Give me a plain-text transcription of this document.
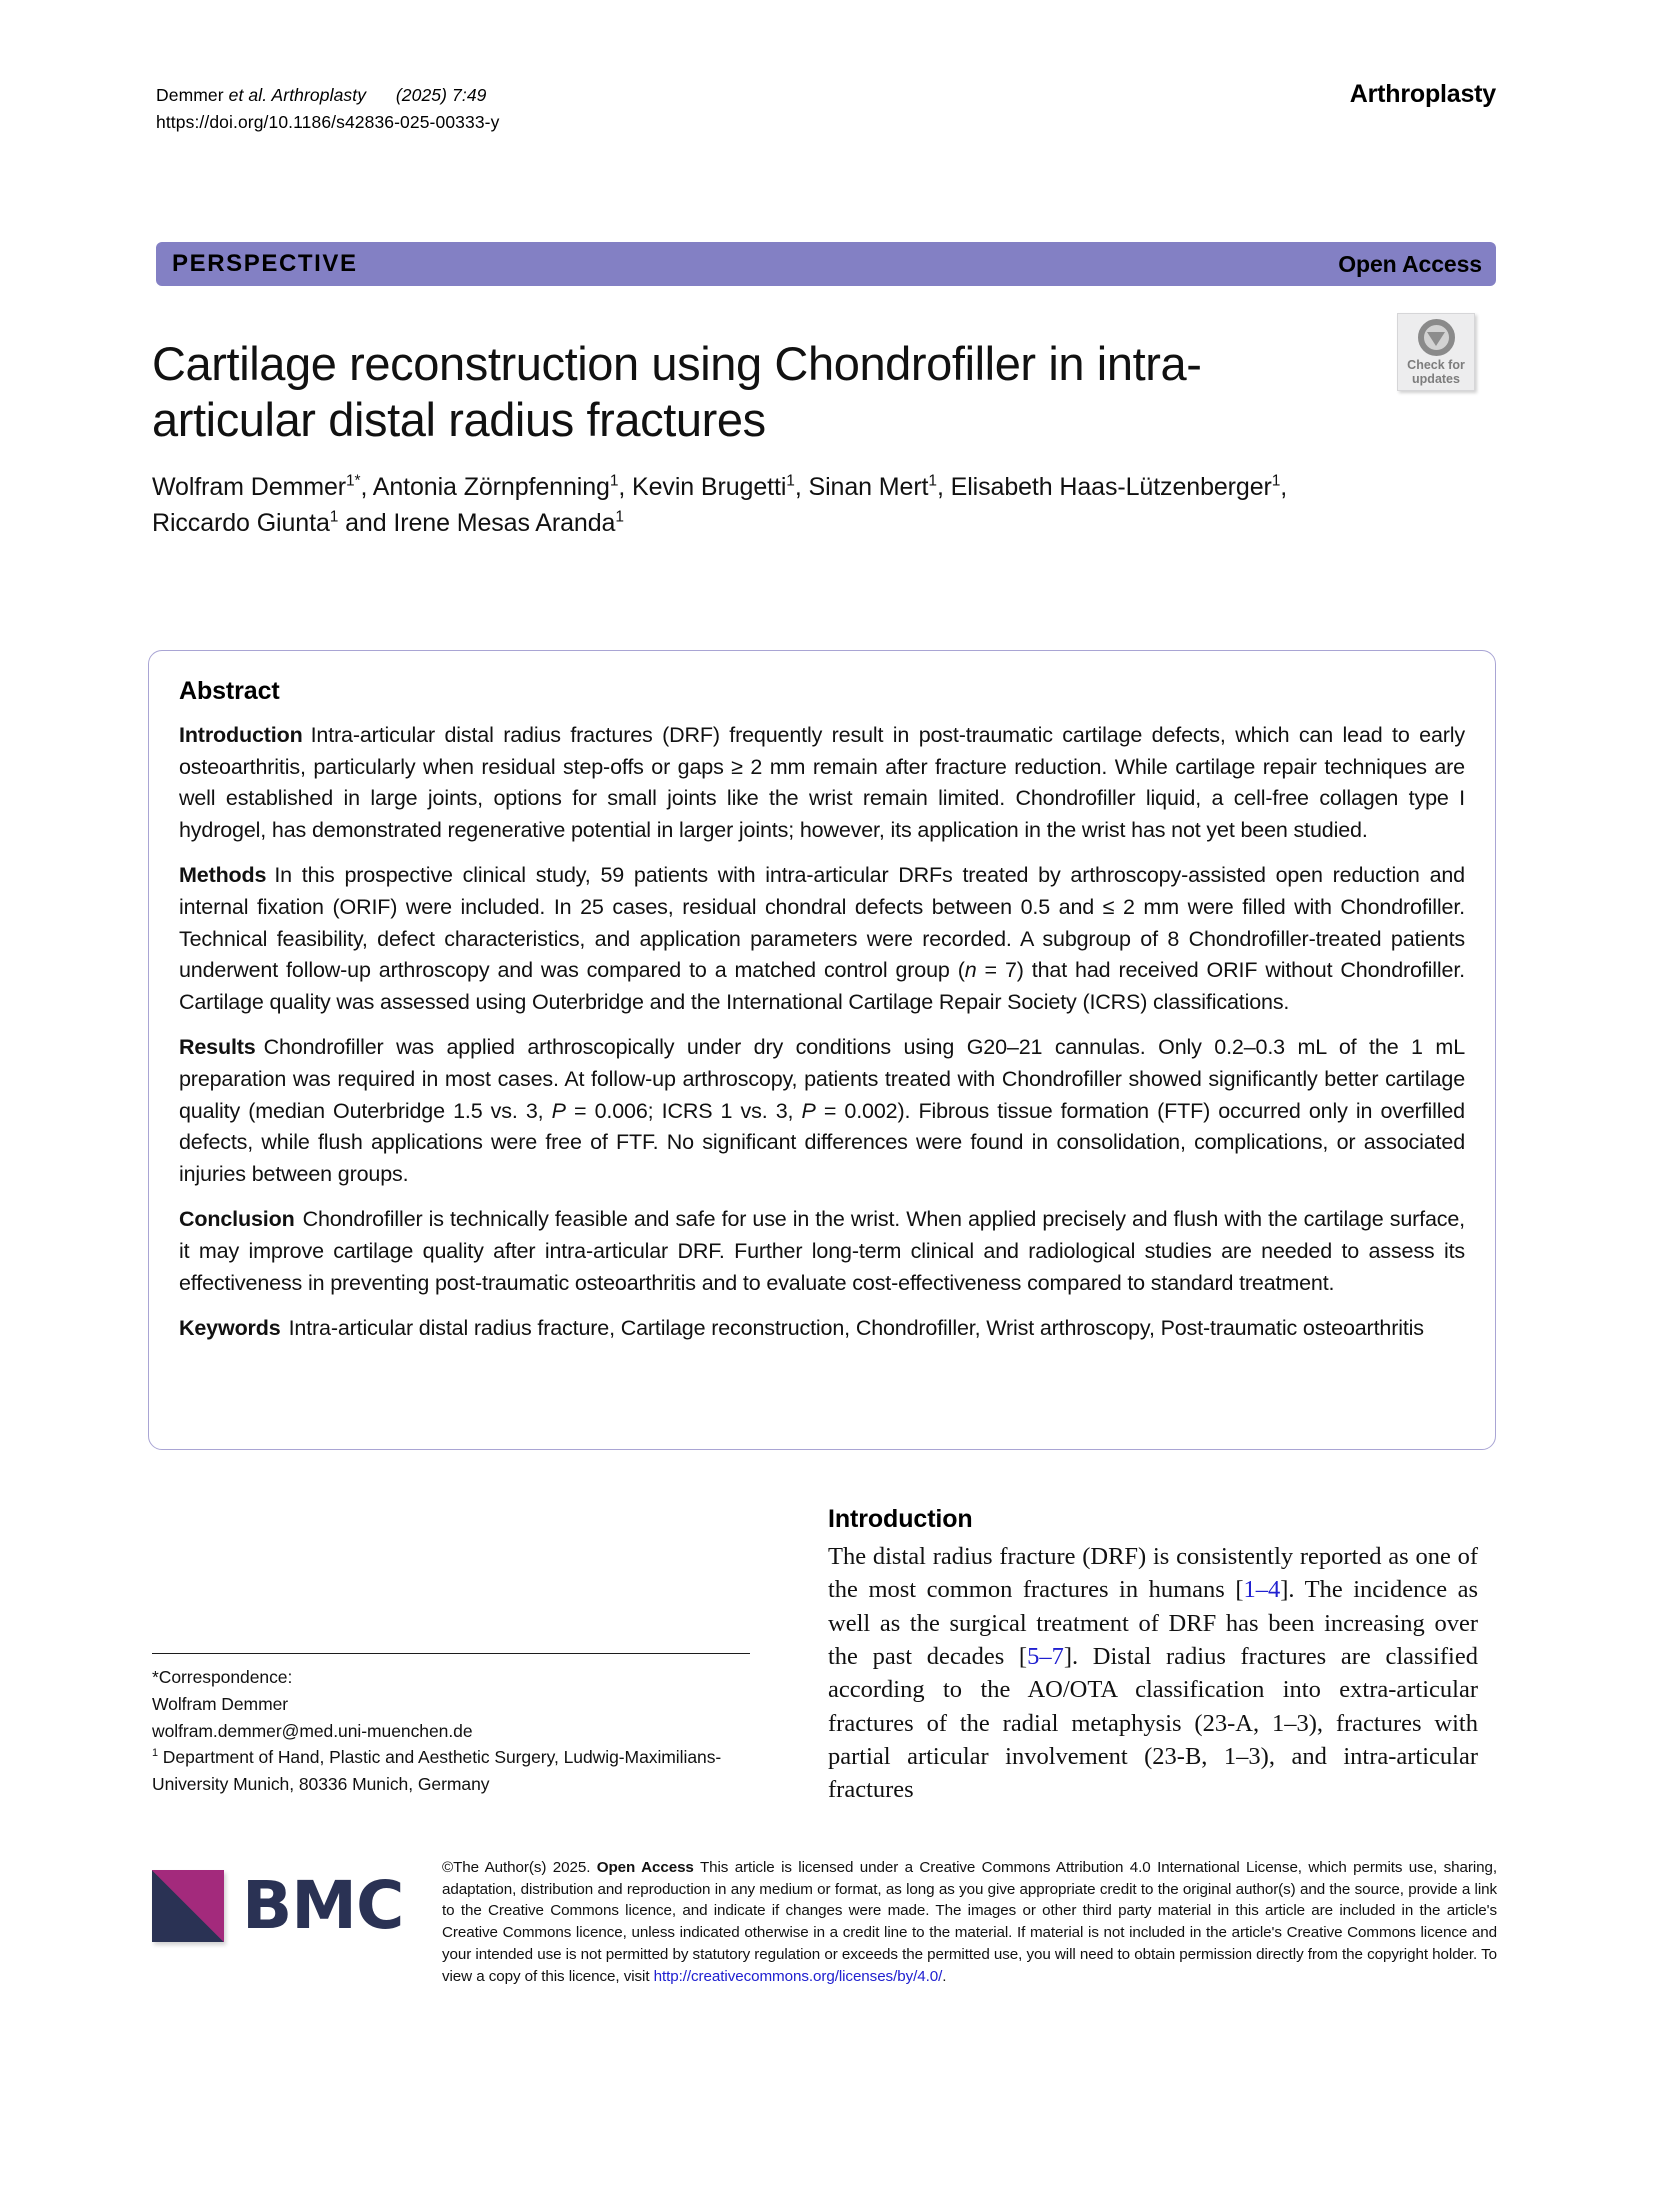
Demmer et al. Arthroplasty (2025) 7:49
https://doi.org/10.1186/s42836-025-00333-y
Arthroplasty
PERSPECTIVE	Open Access
Cartilage reconstruction using Chondrofiller in intra-articular distal radius fractures
Check for
updates
Wolfram Demmer$^{1*}$, Antonia Zörnpfenning$^1$, Kevin Brugetti$^1$, Sinan Mert$^1$, Elisabeth Haas-Lützenberger$^1$,
Riccardo Giunta$^1$ and Irene Mesas Aranda$^1$
Abstract

Introduction Intra-articular distal radius fractures (DRF) frequently result in post-traumatic cartilage defects, which can lead to early osteoarthritis, particularly when residual step-offs or gaps ≥ 2 mm remain after fracture reduction. While cartilage repair techniques are well established in large joints, options for small joints like the wrist remain limited. Chondrofiller liquid, a cell-free collagen type I hydrogel, has demonstrated regenerative potential in larger joints; however, its application in the wrist has not yet been studied.

Methods In this prospective clinical study, 59 patients with intra-articular DRFs treated by arthroscopy-assisted open reduction and internal fixation (ORIF) were included. In 25 cases, residual chondral defects between 0.5 and ≤ 2 mm were filled with Chondrofiller. Technical feasibility, defect characteristics, and application parameters were recorded. A subgroup of 8 Chondrofiller-treated patients underwent follow-up arthroscopy and was compared to a matched control group (n = 7) that had received ORIF without Chondrofiller. Cartilage quality was assessed using Outerbridge and the International Cartilage Repair Society (ICRS) classifications.

Results Chondrofiller was applied arthroscopically under dry conditions using G20–21 cannulas. Only 0.2–0.3 mL of the 1 mL preparation was required in most cases. At follow-up arthroscopy, patients treated with Chondrofiller showed significantly better cartilage quality (median Outerbridge 1.5 vs. 3, P = 0.006; ICRS 1 vs. 3, P = 0.002). Fibrous tissue formation (FTF) occurred only in overfilled defects, while flush applications were free of FTF. No significant differences were found in consolidation, complications, or associated injuries between groups.

Conclusion Chondrofiller is technically feasible and safe for use in the wrist. When applied precisely and flush with the cartilage surface, it may improve cartilage quality after intra-articular DRF. Further long-term clinical and radiological studies are needed to assess its effectiveness in preventing post-traumatic osteoarthritis and to evaluate cost-effectiveness compared to standard treatment.

Keywords Intra-articular distal radius fracture, Cartilage reconstruction, Chondrofiller, Wrist arthroscopy, Post-traumatic osteoarthritis

*Correspondence:
Wolfram Demmer
wolfram.demmer@med.uni-muenchen.de
$^1$ Department of Hand, Plastic and Aesthetic Surgery, Ludwig-Maximilians-University Munich, 80336 Munich, Germany
Introduction

The distal radius fracture (DRF) is consistently reported as one of the most common fractures in humans [1–4]. The incidence as well as the surgical treatment of DRF has been increasing over the past decades [5–7]. Distal radius fractures are classified according to the AO/OTA classification into extra-articular fractures of the radial metaphysis (23-A, 1–3), fractures with partial articular involvement (23-B, 1–3), and intra-articular fractures

BMC	©The Author(s) 2025. Open Access This article is licensed under a Creative Commons Attribution 4.0 International License, which permits use, sharing, adaptation, distribution and reproduction in any medium or format, as long as you give appropriate credit to the original author(s) and the source, provide a link to the Creative Commons licence, and indicate if changes were made. The images or other third party material in this article are included in the article's Creative Commons licence, unless indicated otherwise in a credit line to the material. If material is not included in the article's Creative Commons licence and your intended use is not permitted by statutory regulation or exceeds the permitted use, you will need to obtain permission directly from the copyright holder. To view a copy of this licence, visit http://creativecommons.org/licenses/by/4.0/.
